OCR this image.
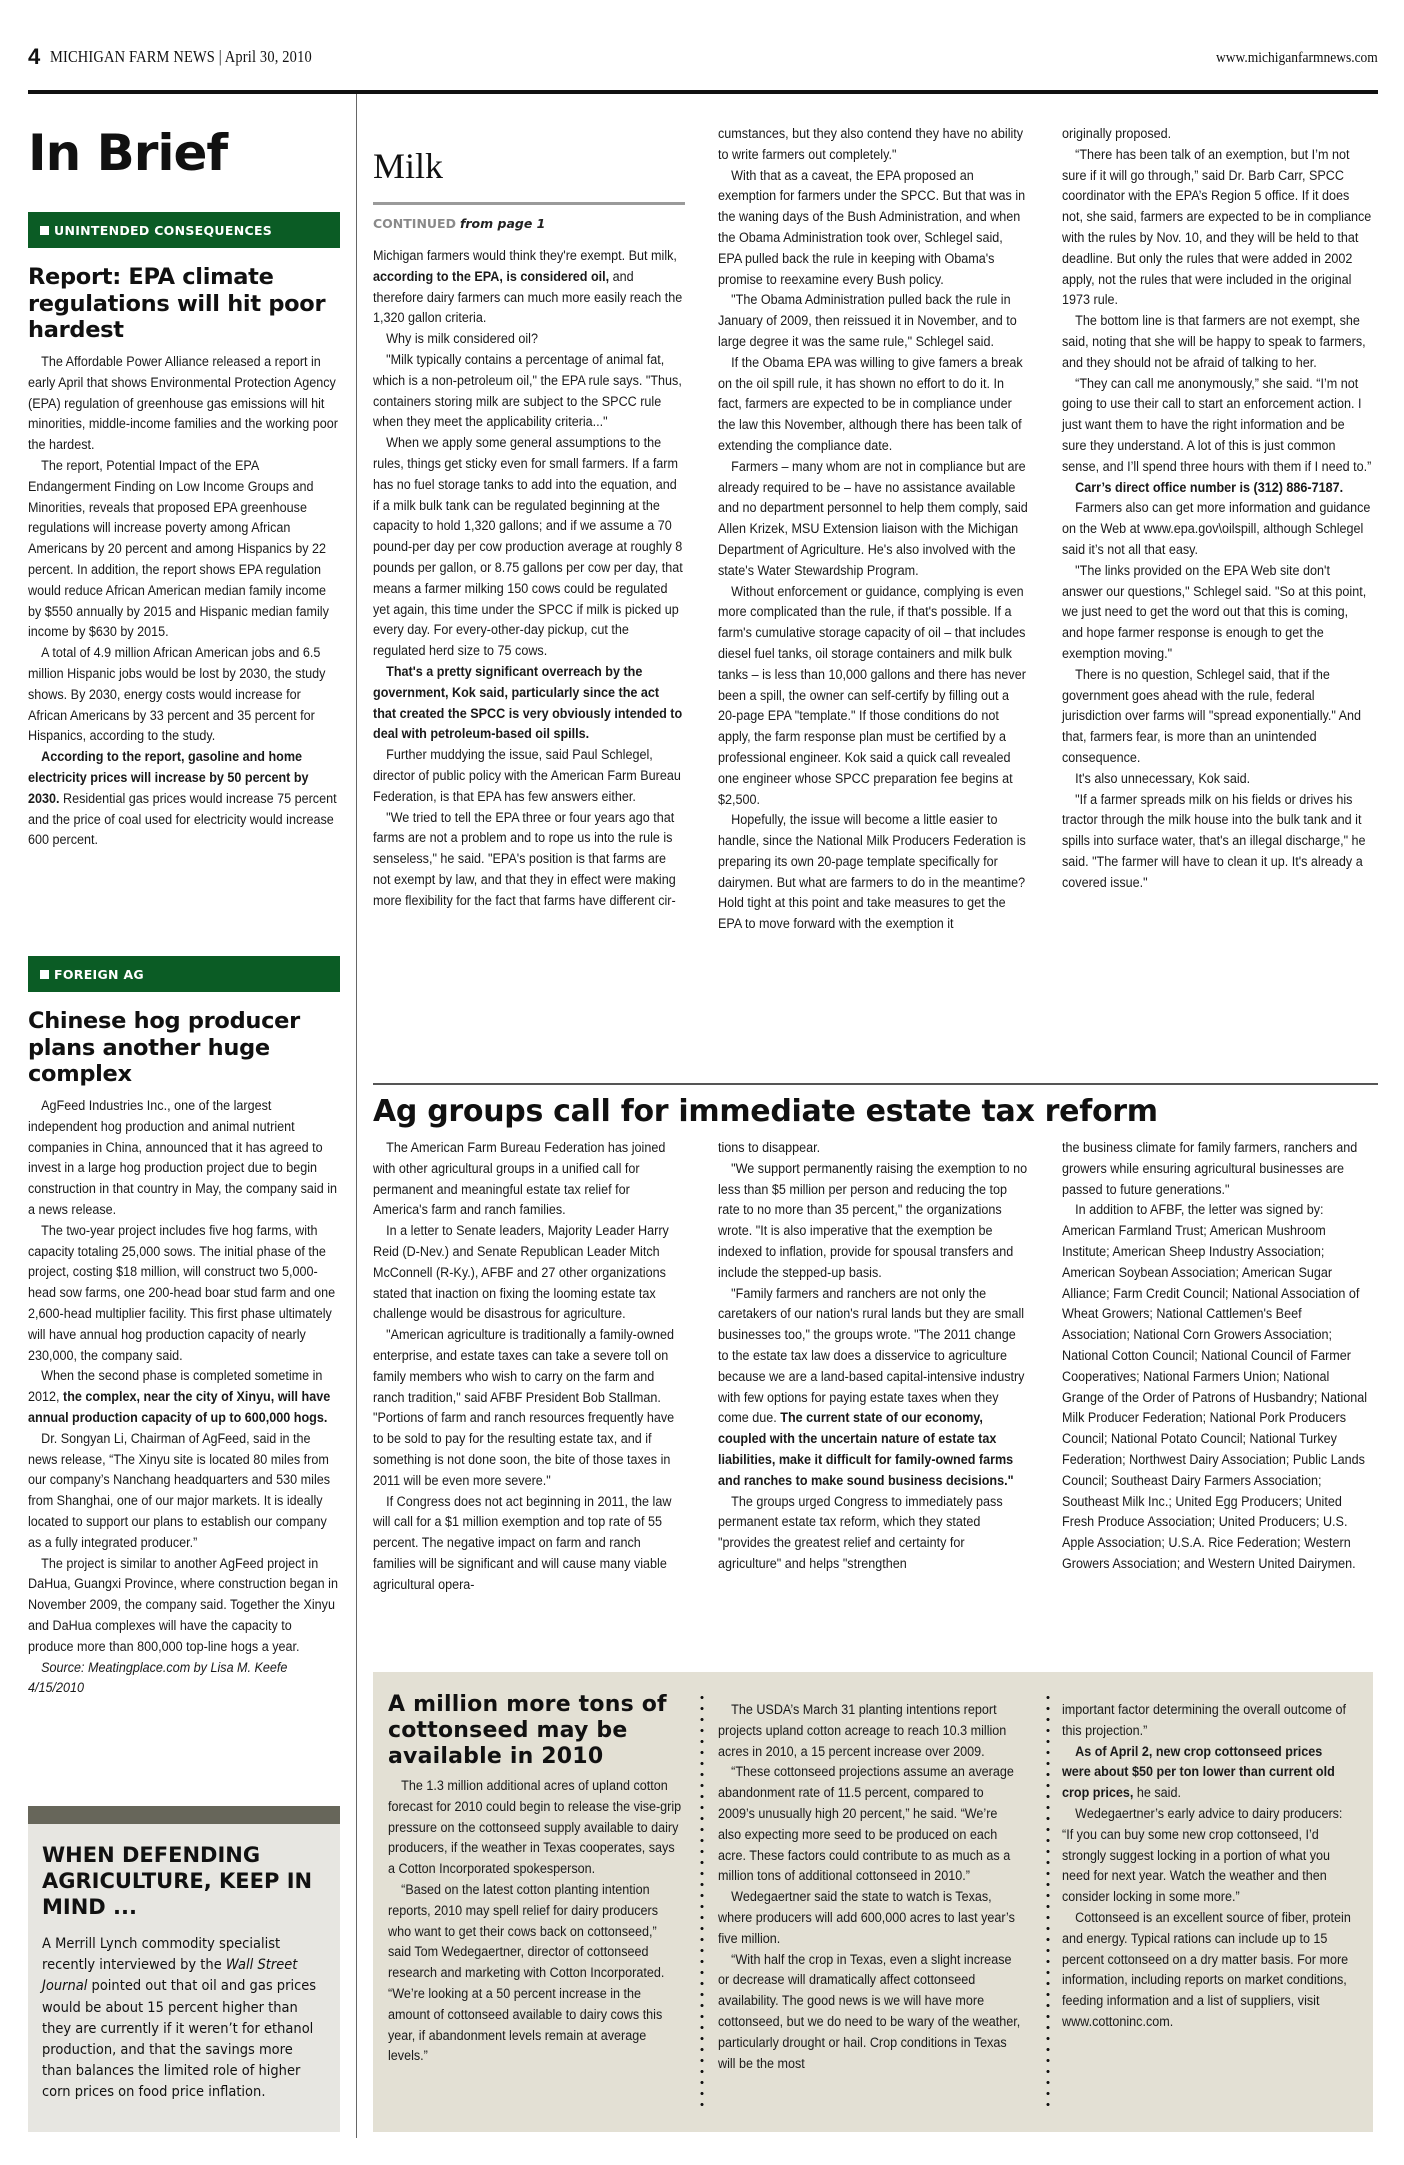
4 MICHIGAN FARM NEWS | April 30, 2010	www.michiganfarmnews.com
In Brief
UNINTENDED CONSEQUENCES
Report: EPA climate regulations will hit poor hardest

The Affordable Power Alliance released a report in early April that shows Environmental Protection Agency (EPA) regulation of greenhouse gas emissions will hit minorities, middle-income families and the working poor the hardest.

The report, Potential Impact of the EPA Endangerment Finding on Low Income Groups and Minorities, reveals that proposed EPA greenhouse regulations will increase poverty among African Americans by 20 percent and among Hispanics by 22 percent. In addition, the report shows EPA regulation would reduce African American median family income by $550 annually by 2015 and Hispanic median family income by $630 by 2015.

A total of 4.9 million African American jobs and 6.5 million Hispanic jobs would be lost by 2030, the study shows. By 2030, energy costs would increase for African Americans by 33 percent and 35 percent for Hispanics, according to the study.

According to the report, gasoline and home electricity prices will increase by 50 percent by 2030. Residential gas prices would increase 75 percent and the price of coal used for electricity would increase 600 percent.

FOREIGN AG
Chinese hog producer plans another huge complex

AgFeed Industries Inc., one of the largest independent hog production and animal nutrient companies in China, announced that it has agreed to invest in a large hog production project due to begin construction in that country in May, the company said in a news release.

The two-year project includes five hog farms, with capacity totaling 25,000 sows. The initial phase of the project, costing $18 million, will construct two 5,000-head sow farms, one 200-head boar stud farm and one 2,600-head multiplier facility. This first phase ultimately will have annual hog production capacity of nearly 230,000, the company said.

When the second phase is completed sometime in 2012, the complex, near the city of Xinyu, will have annual production capacity of up to 600,000 hogs.

Dr. Songyan Li, Chairman of AgFeed, said in the news release, “The Xinyu site is located 80 miles from our company’s Nanchang headquarters and 530 miles from Shanghai, one of our major markets. It is ideally located to support our plans to establish our company as a fully integrated producer.”

The project is similar to another AgFeed project in DaHua, Guangxi Province, where construction began in November 2009, the company said. Together the Xinyu and DaHua complexes will have the capacity to produce more than 800,000 top-line hogs a year.

Source: Meatingplace.com by Lisa M. Keefe 4/15/2010

WHEN DEFENDING AGRICULTURE, KEEP IN MIND ...
A Merrill Lynch commodity specialist recently interviewed by the Wall Street Journal pointed out that oil and gas prices would be about 15 percent higher than they are currently if it weren’t for ethanol production, and that the savings more than balances the limited role of higher corn prices on food price inflation.
Milk
CONTINUED from page 1

Michigan farmers would think they're exempt. But milk, according to the EPA, is considered oil, and therefore dairy farmers can much more easily reach the 1,320 gallon criteria.

Why is milk considered oil?

"Milk typically contains a percentage of animal fat, which is a non-petroleum oil," the EPA rule says. "Thus, containers storing milk are subject to the SPCC rule when they meet the applicability criteria..."

When we apply some general assumptions to the rules, things get sticky even for small farmers. If a farm has no fuel storage tanks to add into the equation, and if a milk bulk tank can be regulated beginning at the capacity to hold 1,320 gallons; and if we assume a 70 pound-per day per cow production average at roughly 8 pounds per gallon, or 8.75 gallons per cow per day, that means a farmer milking 150 cows could be regulated yet again, this time under the SPCC if milk is picked up every day. For every-other-day pickup, cut the regulated herd size to 75 cows.

That's a pretty significant overreach by the government, Kok said, particularly since the act that created the SPCC is very obviously intended to deal with petroleum-based oil spills.

Further muddying the issue, said Paul Schlegel, director of public policy with the American Farm Bureau Federation, is that EPA has few answers either.

"We tried to tell the EPA three or four years ago that farms are not a problem and to rope us into the rule is senseless," he said. "EPA's position is that farms are not exempt by law, and that they in effect were making more flexibility for the fact that farms have different cir-

cumstances, but they also contend they have no ability to write farmers out completely."

With that as a caveat, the EPA proposed an exemption for farmers under the SPCC. But that was in the waning days of the Bush Administration, and when the Obama Administration took over, Schlegel said, EPA pulled back the rule in keeping with Obama's promise to reexamine every Bush policy.

"The Obama Administration pulled back the rule in January of 2009, then reissued it in November, and to large degree it was the same rule," Schlegel said.

If the Obama EPA was willing to give famers a break on the oil spill rule, it has shown no effort to do it. In fact, farmers are expected to be in compliance under the law this November, although there has been talk of extending the compliance date.

Farmers – many whom are not in compliance but are already required to be – have no assistance available and no department personnel to help them comply, said Allen Krizek, MSU Extension liaison with the Michigan Department of Agriculture. He's also involved with the state's Water Stewardship Program.

Without enforcement or guidance, complying is even more complicated than the rule, if that's possible. If a farm's cumulative storage capacity of oil – that includes diesel fuel tanks, oil storage containers and milk bulk tanks – is less than 10,000 gallons and there has never been a spill, the owner can self-certify by filling out a 20-page EPA "template." If those conditions do not apply, the farm response plan must be certified by a professional engineer. Kok said a quick call revealed one engineer whose SPCC preparation fee begins at $2,500.

Hopefully, the issue will become a little easier to handle, since the National Milk Producers Federation is preparing its own 20-page template specifically for dairymen. But what are farmers to do in the meantime? Hold tight at this point and take measures to get the EPA to move forward with the exemption it

originally proposed.

“There has been talk of an exemption, but I’m not sure if it will go through,” said Dr. Barb Carr, SPCC coordinator with the EPA’s Region 5 office. If it does not, she said, farmers are expected to be in compliance with the rules by Nov. 10, and they will be held to that deadline. But only the rules that were added in 2002 apply, not the rules that were included in the original 1973 rule.

The bottom line is that farmers are not exempt, she said, noting that she will be happy to speak to farmers, and they should not be afraid of talking to her.

“They can call me anonymously,” she said. “I’m not going to use their call to start an enforcement action. I just want them to have the right information and be sure they understand. A lot of this is just common sense, and I’ll spend three hours with them if I need to.”

Carr’s direct office number is (312) 886-7187.

Farmers also can get more information and guidance on the Web at www.epa.gov\oilspill, although Schlegel said it’s not all that easy.

"The links provided on the EPA Web site don't answer our questions," Schlegel said. "So at this point, we just need to get the word out that this is coming, and hope farmer response is enough to get the exemption moving."

There is no question, Schlegel said, that if the government goes ahead with the rule, federal jurisdiction over farms will "spread exponentially." And that, farmers fear, is more than an unintended consequence.

It's also unnecessary, Kok said.

"If a farmer spreads milk on his fields or drives his tractor through the milk house into the bulk tank and it spills into surface water, that's an illegal discharge," he said. "The farmer will have to clean it up. It's already a covered issue."

Ag groups call for immediate estate tax reform

The American Farm Bureau Federation has joined with other agricultural groups in a unified call for permanent and meaningful estate tax relief for America's farm and ranch families.

In a letter to Senate leaders, Majority Leader Harry Reid (D-Nev.) and Senate Republican Leader Mitch McConnell (R-Ky.), AFBF and 27 other organizations stated that inaction on fixing the looming estate tax challenge would be disastrous for agriculture.

"American agriculture is traditionally a family-owned enterprise, and estate taxes can take a severe toll on family members who wish to carry on the farm and ranch tradition," said AFBF President Bob Stallman. "Portions of farm and ranch resources frequently have to be sold to pay for the resulting estate tax, and if something is not done soon, the bite of those taxes in 2011 will be even more severe."

If Congress does not act beginning in 2011, the law will call for a $1 million exemption and top rate of 55 percent. The negative impact on farm and ranch families will be significant and will cause many viable agricultural opera-

tions to disappear.

"We support permanently raising the exemption to no less than $5 million per person and reducing the top rate to no more than 35 percent," the organizations wrote. "It is also imperative that the exemption be indexed to inflation, provide for spousal transfers and include the stepped-up basis.

"Family farmers and ranchers are not only the caretakers of our nation's rural lands but they are small businesses too," the groups wrote. "The 2011 change to the estate tax law does a disservice to agriculture because we are a land-based capital-intensive industry with few options for paying estate taxes when they come due. The current state of our economy, coupled with the uncertain nature of estate tax liabilities, make it difficult for family-owned farms and ranches to make sound business decisions."

The groups urged Congress to immediately pass permanent estate tax reform, which they stated "provides the greatest relief and certainty for agriculture" and helps "strengthen

the business climate for family farmers, ranchers and growers while ensuring agricultural businesses are passed to future generations."

In addition to AFBF, the letter was signed by: American Farmland Trust; American Mushroom Institute; American Sheep Industry Association; American Soybean Association; American Sugar Alliance; Farm Credit Council; National Association of Wheat Growers; National Cattlemen's Beef Association; National Corn Growers Association; National Cotton Council; National Council of Farmer Cooperatives; National Farmers Union; National Grange of the Order of Patrons of Husbandry; National Milk Producer Federation; National Pork Producers Council; National Potato Council; National Turkey Federation; Northwest Dairy Association; Public Lands Council; Southeast Dairy Farmers Association; Southeast Milk Inc.; United Egg Producers; United Fresh Produce Association; United Producers; U.S. Apple Association; U.S.A. Rice Federation; Western Growers Association; and Western United Dairymen.

A million more tons of cottonseed may be available in 2010

The 1.3 million additional acres of upland cotton forecast for 2010 could begin to release the vise-grip pressure on the cottonseed supply available to dairy producers, if the weather in Texas cooperates, says a Cotton Incorporated spokesperson.

“Based on the latest cotton planting intention reports, 2010 may spell relief for dairy producers who want to get their cows back on cottonseed,” said Tom Wedegaertner, director of cottonseed research and marketing with Cotton Incorporated. “We’re looking at a 50 percent increase in the amount of cottonseed available to dairy cows this year, if abandonment levels remain at average levels.”

The USDA’s March 31 planting intentions report projects upland cotton acreage to reach 10.3 million acres in 2010, a 15 percent increase over 2009.

“These cottonseed projections assume an average abandonment rate of 11.5 percent, compared to 2009’s unusually high 20 percent,” he said. “We’re also expecting more seed to be produced on each acre. These factors could contribute to as much as a million tons of additional cottonseed in 2010.”

Wedegaertner said the state to watch is Texas, where producers will add 600,000 acres to last year’s five million.

“With half the crop in Texas, even a slight increase or decrease will dramatically affect cottonseed availability. The good news is we will have more cottonseed, but we do need to be wary of the weather, particularly drought or hail. Crop conditions in Texas will be the most

important factor determining the overall outcome of this projection.”

As of April 2, new crop cottonseed prices were about $50 per ton lower than current old crop prices, he said.

Wedegaertner’s early advice to dairy producers: “If you can buy some new crop cottonseed, I’d strongly suggest locking in a portion of what you need for next year. Watch the weather and then consider locking in some more.”

Cottonseed is an excellent source of fiber, protein and energy. Typical rations can include up to 15 percent cottonseed on a dry matter basis. For more information, including reports on market conditions, feeding information and a list of suppliers, visit www.cottoninc.com.
